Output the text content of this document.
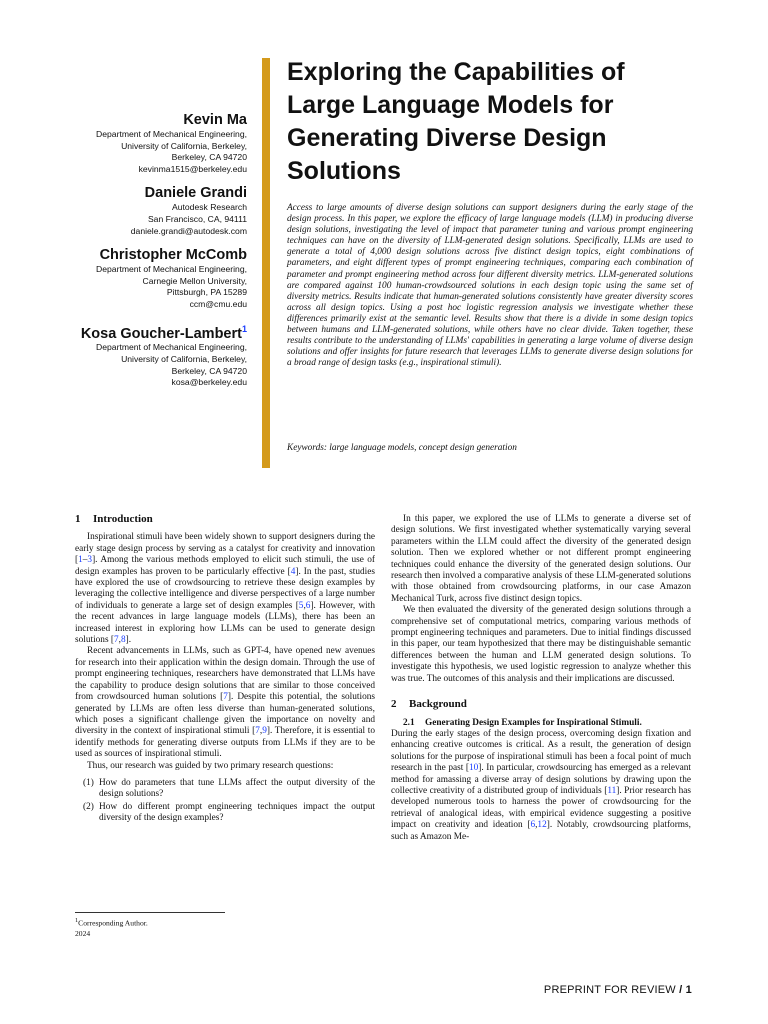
Kevin Ma
Department of Mechanical Engineering,
University of California, Berkeley,
Berkeley, CA 94720
kevinma1515@berkeley.edu
Daniele Grandi
Autodesk Research
San Francisco, CA, 94111
daniele.grandi@autodesk.com
Christopher McComb
Department of Mechanical Engineering,
Carnegie Mellon University,
Pittsburgh, PA 15289
ccm@cmu.edu
Kosa Goucher-Lambert$^1$
Department of Mechanical Engineering,
University of California, Berkeley,
Berkeley, CA 94720
kosa@berkeley.edu
Exploring the Capabilities of
Large Language Models for
Generating Diverse Design
Solutions
Access to large amounts of diverse design solutions can support designers during the early stage of the design process. In this paper, we explore the efficacy of large language models (LLM) in producing diverse design solutions, investigating the level of impact that parameter tuning and various prompt engineering techniques can have on the diversity of LLM-generated design solutions. Specifically, LLMs are used to generate a total of 4,000 design solutions across five distinct design topics, eight combinations of parameters, and eight different types of prompt engineering techniques, comparing each combination of parameter and prompt engineering method across four different diversity metrics. LLM-generated solutions are compared against 100 human-crowdsourced solutions in each design topic using the same set of diversity metrics. Results indicate that human-generated solutions consistently have greater diversity scores across all design topics. Using a post hoc logistic regression analysis we investigate whether these differences primarily exist at the semantic level. Results show that there is a divide in some design topics between humans and LLM-generated solutions, while others have no clear divide. Taken together, these results contribute to the understanding of LLMs' capabilities in generating a large volume of diverse design solutions and offer insights for future research that leverages LLMs to generate diverse design solutions for a broad range of design tasks (e.g., inspirational stimuli).
Keywords: large language models, concept design generation
1 Introduction

Inspirational stimuli have been widely shown to support designers during the early stage design process by serving as a catalyst for creativity and innovation [1–3]. Among the various methods employed to elicit such stimuli, the use of design examples has proven to be particularly effective [4]. In the past, studies have explored the use of crowdsourcing to retrieve these design examples by leveraging the collective intelligence and diverse perspectives of a large number of individuals to generate a large set of design examples [5,6]. However, with the recent advances in large language models (LLMs), there has been an increased interest in exploring how LLMs can be used to generate design solutions [7,8].

Recent advancements in LLMs, such as GPT-4, have opened new avenues for research into their application within the design domain. Through the use of prompt engineering techniques, researchers have demonstrated that LLMs have the capability to produce design solutions that are similar to those conceived from crowdsourced human solutions [7]. Despite this potential, the solutions generated by LLMs are often less diverse than human-generated solutions, which poses a significant challenge given the importance on novelty and diversity in the context of inspirational stimuli [7,9]. Therefore, it is essential to identify methods for generating diverse outputs from LLMs if they are to be used as sources of inspirational stimuli.

Thus, our research was guided by two primary research questions:

(1) How do parameters that tune LLMs affect the output diversity of the design solutions?
(2) How do different prompt engineering techniques impact the output diversity of the design examples?

In this paper, we explored the use of LLMs to generate a diverse set of design solutions. We first investigated whether systematically varying several parameters within the LLM could affect the diversity of the generated design solution. Then we explored whether or not different prompt engineering techniques could enhance the diversity of the generated design solutions. Our research then involved a comparative analysis of these LLM-generated solutions with those obtained from crowdsourcing platforms, in our case Amazon Mechanical Turk, across five distinct design topics.

We then evaluated the diversity of the generated design solutions through a comprehensive set of computational metrics, comparing various methods of prompt engineering techniques and parameters. Due to initial findings discussed in this paper, our team hypothesized that there may be distinguishable semantic differences between the human and LLM generated design solutions. To investigate this hypothesis, we used logistic regression to analyze whether this was true. The outcomes of this analysis and their implications are discussed.

2 Background
2.1 Generating Design Examples for Inspirational Stimuli.

During the early stages of the design process, overcoming design fixation and enhancing creative outcomes is critical. As a result, the generation of design solutions for the purpose of inspirational stimuli has been a focal point of much research in the past [10]. In particular, crowdsourcing has emerged as a relevant method for amassing a diverse array of design solutions by drawing upon the collective creativity of a distributed group of individuals [11]. Prior research has developed numerous tools to harness the power of crowdsourcing for the retrieval of analogical ideas, with empirical evidence suggesting a positive impact on creativity and ideation [6,12]. Notably, crowdsourcing platforms, such as Amazon Me-

$^1$Corresponding Author.
2024
PREPRINT FOR REVIEW / 1
